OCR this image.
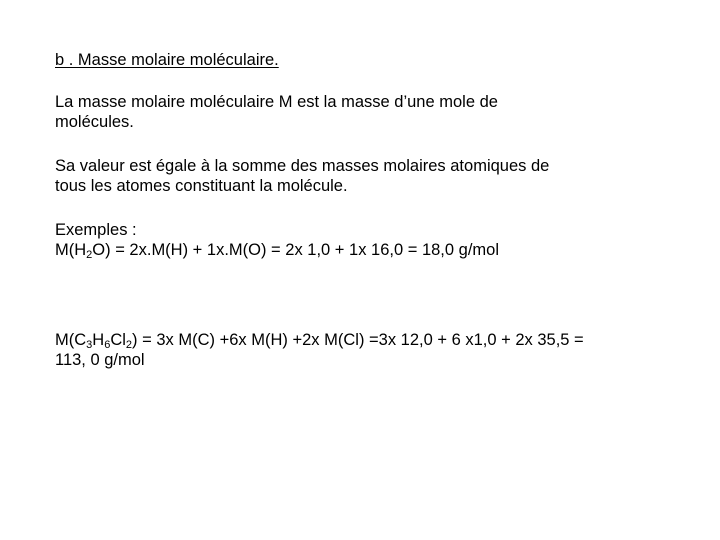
b . Masse molaire moléculaire.
La masse molaire moléculaire M est la masse d’une mole de
molécules.
Sa valeur est égale à la somme des masses molaires atomiques de
tous les atomes constituant la molécule.
Exemples :
$M(H_2O) = 2x.M(H) + 1x.M(O) = 2x$ 1,0 + 1x 16,0 = 18,0 g/mol
$M(C_3H_6Cl_2) = 3x$ M(C) +6x M(H) +2x M(Cl) =3x 12,0 + 6 x1,0 + 2x 35,5 =
113, 0 g/mol
